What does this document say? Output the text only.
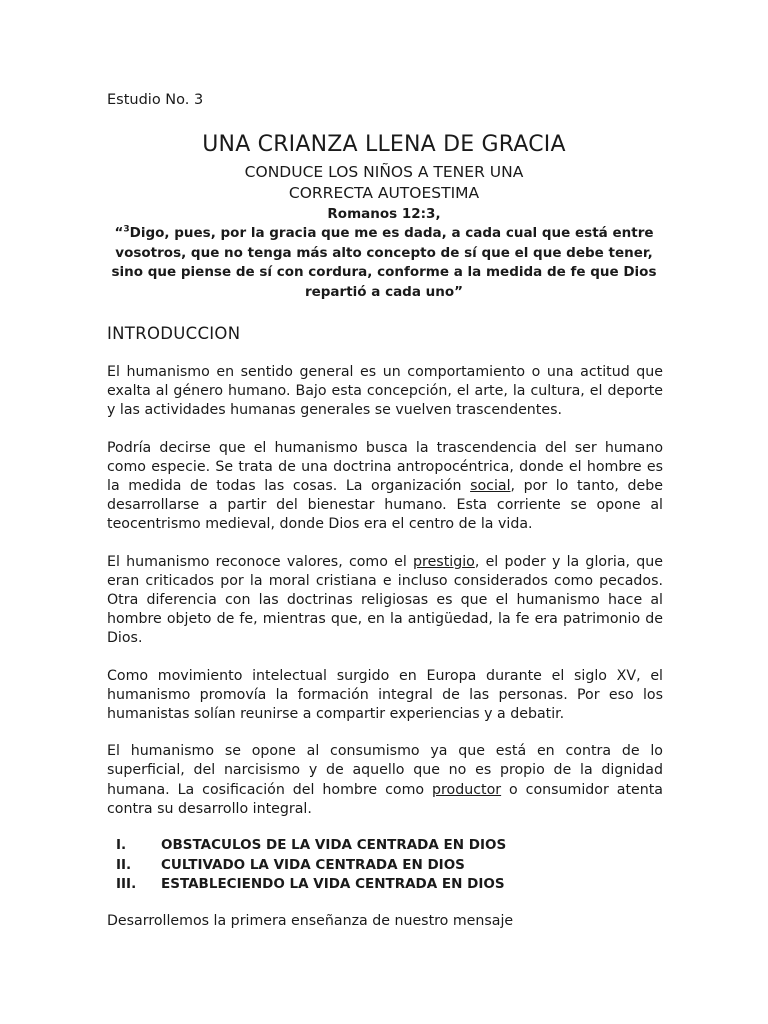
Estudio No. 3
UNA CRIANZA LLENA DE GRACIA
CONDUCE LOS NIÑOS A TENER UNA
CORRECTA AUTOESTIMA
Romanos 12:3,
“$^3$Digo, pues, por la gracia que me es dada, a cada cual que está entre vosotros, que no tenga más alto concepto de sí que el que debe tener, sino que piense de sí con cordura, conforme a la medida de fe que Dios repartió a cada uno”
INTRODUCCION

El humanismo en sentido general es un comportamiento o una actitud que exalta al género humano. Bajo esta concepción, el arte, la cultura, el deporte y las actividades humanas generales se vuelven trascendentes.

Podría decirse que el humanismo busca la trascendencia del ser humano como especie. Se trata de una doctrina antropocéntrica, donde el hombre es la medida de todas las cosas. La organización social, por lo tanto, debe desarrollarse a partir del bienestar humano. Esta corriente se opone al teocentrismo medieval, donde Dios era el centro de la vida.

El humanismo reconoce valores, como el prestigio, el poder y la gloria, que eran criticados por la moral cristiana e incluso considerados como pecados. Otra diferencia con las doctrinas religiosas es que el humanismo hace al hombre objeto de fe, mientras que, en la antigüedad, la fe era patrimonio de Dios.

Como movimiento intelectual surgido en Europa durante el siglo XV, el humanismo promovía la formación integral de las personas. Por eso los humanistas solían reunirse a compartir experiencias y a debatir.

El humanismo se opone al consumismo ya que está en contra de lo superficial, del narcisismo y de aquello que no es propio de la dignidad humana. La cosificación del hombre como productor o consumidor atenta contra su desarrollo integral.

I.	OBSTACULOS DE LA VIDA CENTRADA EN DIOS
II.	CULTIVADO LA VIDA CENTRADA EN DIOS
III.	ESTABLECIENDO LA VIDA CENTRADA EN DIOS
Desarrollemos la primera enseñanza de nuestro mensaje
